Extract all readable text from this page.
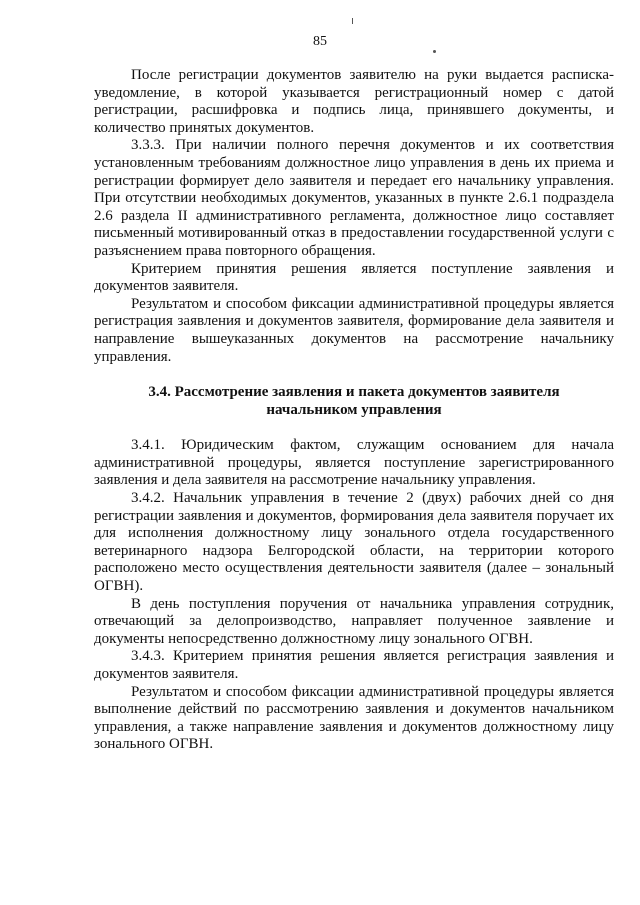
85

После регистрации документов заявителю на руки выдается расписка-уведомление, в которой указывается регистрационный номер с датой регистрации, расшифровка и подпись лица, принявшего документы, и количество принятых документов.

3.3.3. При наличии полного перечня документов и их соответствия установленным требованиям должностное лицо управления в день их приема и регистрации формирует дело заявителя и передает его начальнику управления. При отсутствии необходимых документов, указанных в пункте 2.6.1 подраздела 2.6 раздела II административного регламента, должностное лицо составляет письменный мотивированный отказ в предоставлении государственной услуги с разъяснением права повторного обращения.

Критерием принятия решения является поступление заявления и документов заявителя.

Результатом и способом фиксации административной процедуры является регистрация заявления и документов заявителя, формирование дела заявителя и направление вышеуказанных документов на рассмотрение начальнику управления.

3.4. Рассмотрение заявления и пакета документов заявителя начальником управления

3.4.1. Юридическим фактом, служащим основанием для начала административной процедуры, является поступление зарегистрированного заявления и дела заявителя на рассмотрение начальнику управления.

3.4.2. Начальник управления в течение 2 (двух) рабочих дней со дня регистрации заявления и документов, формирования дела заявителя поручает их для исполнения должностному лицу зонального отдела государственного ветеринарного надзора Белгородской области, на территории которого расположено место осуществления деятельности заявителя (далее – зональный ОГВН).

В день поступления поручения от начальника управления сотрудник, отвечающий за делопроизводство, направляет полученное заявление и документы непосредственно должностному лицу зонального ОГВН.

3.4.3. Критерием принятия решения является регистрация заявления и документов заявителя.

Результатом и способом фиксации административной процедуры является выполнение действий по рассмотрению заявления и документов начальником управления, а также направление заявления и документов должностному лицу зонального ОГВН.
